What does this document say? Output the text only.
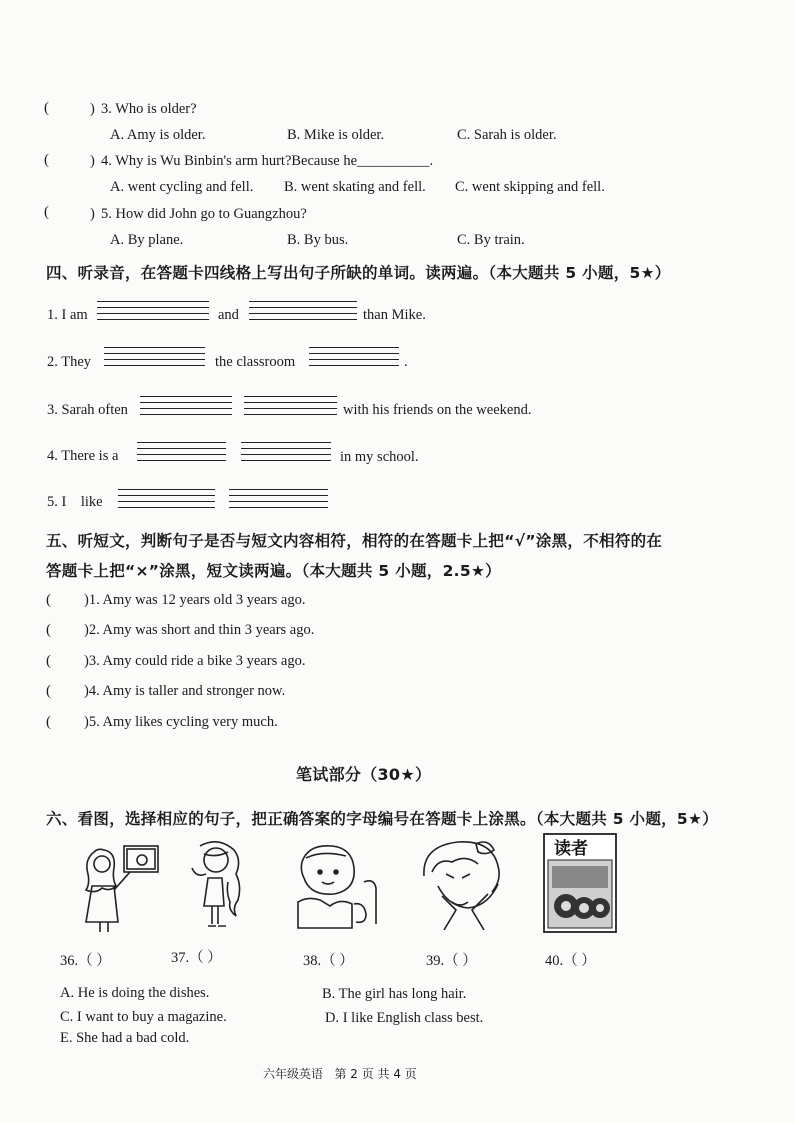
(	) 3. Who is older?
A. Amy is older.	B. Mike is older.	C. Sarah is older.
(	) 4. Why is Wu Binbin's arm hurt?Because he__________.
A. went cycling and fell. B. went skating and fell. C. went skipping and fell.
(	) 5. How did John go to Guangzhou?
A. By plane.	B. By bus.	C. By train.
四、听录音，在答题卡四线格上写出句子所缺的单词。读两遍。（本大题共 5 小题，5★）
1. I am	and	than Mike.
2. They	the classroom	.
3. Sarah often	with his friends on the weekend.
4. There is a	in my school.
5. I    like
五、听短文，判断句子是否与短文内容相符，相符的在答题卡上把“√”涂黑，不相符的在
答题卡上把“×”涂黑，短文读两遍。（本大题共 5 小题，2.5★）
( )1. Amy was 12 years old 3 years ago.
( )2. Amy was short and thin 3 years ago.
( )3. Amy could ride a bike 3 years ago.
( )4. Amy is taller and stronger now.
( )5. Amy likes cycling very much.
笔试部分（30★）
六、看图，选择相应的句子，把正确答案的字母编号在答题卡上涂黑。（本大题共 5 小题，5★）
读者
36.（ ）	37.（ ）	38.（ ）	39.（ ）	40.（ ）
A. He is doing the dishes.	B. The girl has long hair.
C. I want to buy a magazine.	D. I like English class best.
E. She had a bad cold.
六年级英语   第 2 页 共 4 页
